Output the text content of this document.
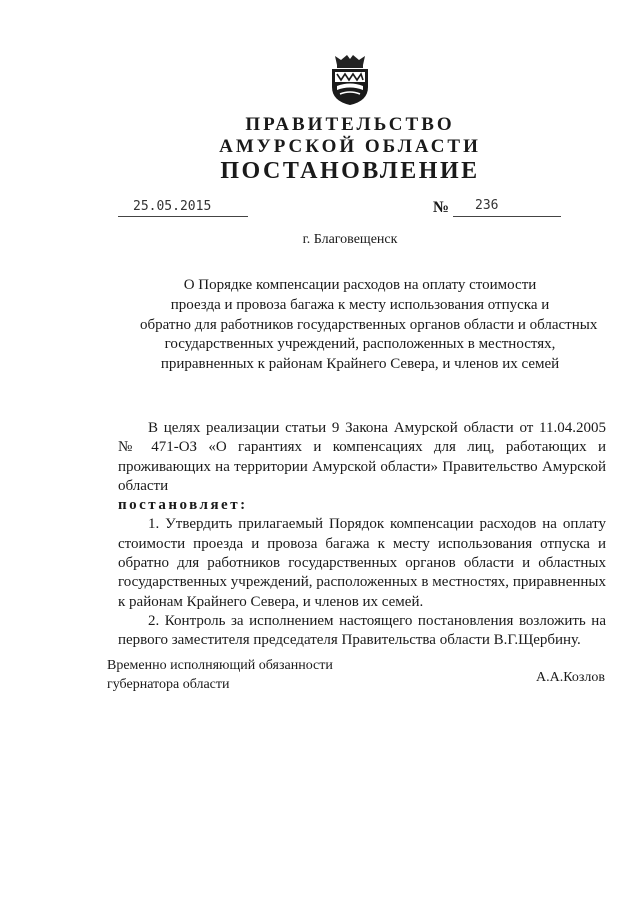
ПРАВИТЕЛЬСТВО
АМУРСКОЙ ОБЛАСТИ
ПОСТАНОВЛЕНИЕ
25.05.2015	№ 236
г. Благовещенск

О Порядке компенсации расходов на оплату стоимости

проезда и провоза багажа к месту использования отпуска и

обратно для работников государственных органов области и областных

государственных учреждений, расположенных в местностях,

приравненных к районам Крайнего Севера, и членов их семей

В целях реализации статьи 9 Закона Амурской области от 11.04.2005 № 471-ОЗ «О гарантиях и компенсациях для лиц, работающих и проживающих на территории Амурской области» Правительство Амурской области

постановляет:

1. Утвердить прилагаемый Порядок компенсации расходов на оплату стоимости проезда и провоза багажа к месту использования отпуска и обратно для работников государственных органов области и областных государственных учреждений, расположенных в местностях, приравненных к районам Крайнего Севера, и членов их семей.

2. Контроль за исполнением настоящего постановления возложить на первого заместителя председателя Правительства области В.Г.Щербину.

Временно исполняющий обязанности
губернатора области	А.А.Козлов
